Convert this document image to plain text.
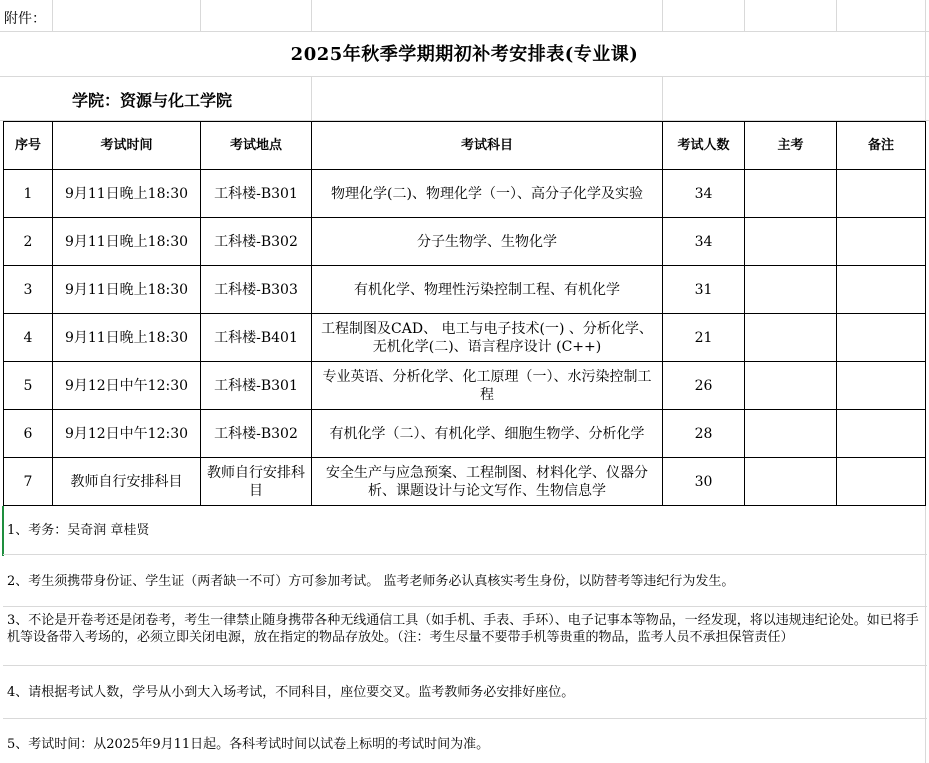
附件：
2025年秋季学期期初补考安排表(专业课)
学院：资源与化工学院
序号	考试时间	考试地点	考试科目	考试人数	主考	备注
1	9月11日晚上18:30	工科楼-B301	物理化学(二)、物理化学（一）、高分子化学及实验	34		
2	9月11日晚上18:30	工科楼-B302	分子生物学、生物化学	34		
3	9月11日晚上18:30	工科楼-B303	有机化学、物理性污染控制工程、有机化学	31		
4	9月11日晚上18:30	工科楼-B401	工程制图及CAD、 电工与电子技术(一) 、分析化学、无机化学(二)、语言程序设计 (C++)	21		
5	9月12日中午12:30	工科楼-B301	专业英语、分析化学、化工原理（一）、水污染控制工程	26		
6	9月12日中午12:30	工科楼-B302	有机化学（二）、有机化学、细胞生物学、分析化学	28		
7	教师自行安排科目	教师自行安排科目	安全生产与应急预案、工程制图、材料化学、仪器分析、课题设计与论文写作、生物信息学	30		
1、考务：吴奇润 章桂贤
2、考生须携带身份证、学生证（两者缺一不可）方可参加考试。 监考老师务必认真核实考生身份，以防替考等违纪行为发生。
3、不论是开卷考还是闭卷考，考生一律禁止随身携带各种无线通信工具（如手机、手表、手环）、电子记事本等物品，一经发现，将以违规违纪论处。如已将手机等设备带入考场的，必须立即关闭电源，放在指定的物品存放处。（注：考生尽量不要带手机等贵重的物品，监考人员不承担保管责任）
4、请根据考试人数，学号从小到大入场考试，不同科目，座位要交叉。监考教师务必安排好座位。
5、考试时间：从2025年9月11日起。各科考试时间以试卷上标明的考试时间为准。
